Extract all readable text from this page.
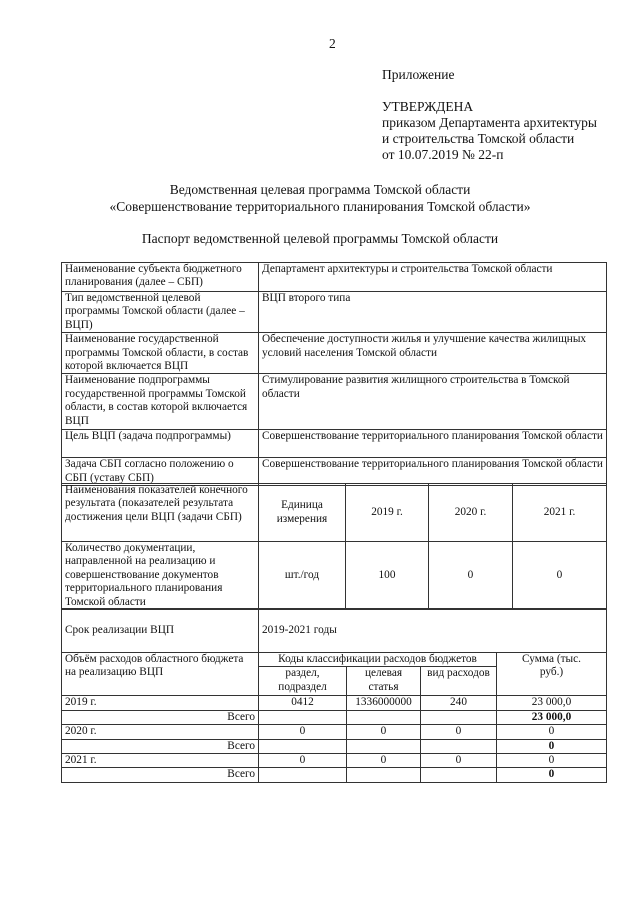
2
Приложение
УТВЕРЖДЕНА
приказом Департамента архитектуры
и строительства Томской области
от 10.07.2019 № 22-п
Ведомственная целевая программа Томской области
«Совершенствование территориального планирования Томской области»
Паспорт ведомственной целевой программы Томской области
Наименование субъекта бюджетного планирования (далее – СБП)	Департамент архитектуры и строительства Томской области
Тип ведомственной целевой программы Томской области (далее – ВЦП)	ВЦП второго типа
Наименование государственной программы Томской области, в состав которой включается ВЦП	Обеспечение доступности жилья и улучшение качества жилищных условий населения Томской области
Наименование подпрограммы государственной программы Томской области, в состав которой включается ВЦП	Стимулирование развития жилищного строительства в Томской области
Цель ВЦП (задача подпрограммы)	Совершенствование территориального планирования Томской области
Задача СБП согласно положению о СБП (уставу СБП)	Совершенствование территориального планирования Томской области
Наименования показателей конечного результата (показателей результата достижения цели ВЦП (задачи СБП)	Единица измерения	2019 г.	2020 г.	2021 г.
Количество документации, направленной на реализацию и совершенствование документов территориального планирования Томской области	шт./год	100	0	0
Срок реализации ВЦП	2019-2021 годы			
Объём расходов областного бюджета на реализацию ВЦП	Коды классификации расходов бюджетов			Сумма (тыс. руб.)
	раздел, подраздел	целевая статья	вид расходов	
2019 г.	0412	1336000000	240	23 000,0
Всего				23 000,0
2020 г.	0	0	0	0
Всего				0
2021 г.	0	0	0	0
Всего				0
